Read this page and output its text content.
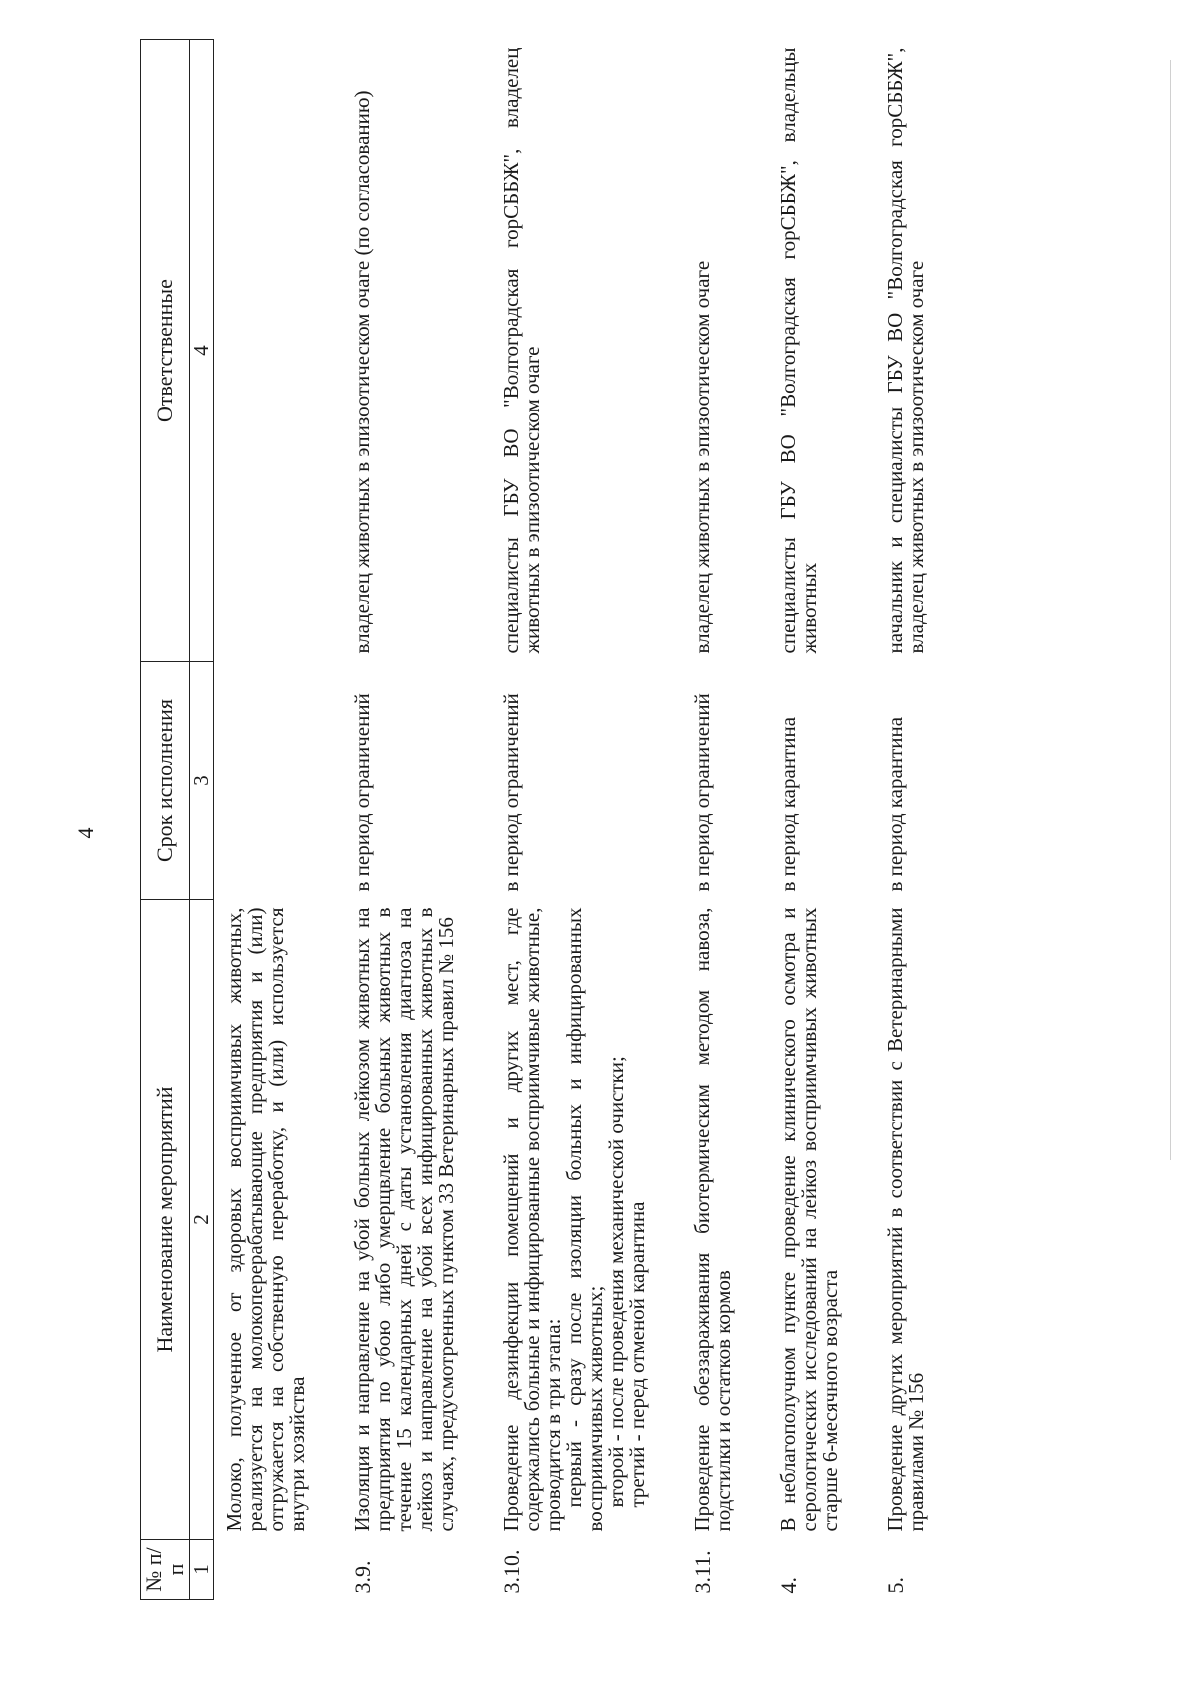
4
№ п/п	Наименование мероприятий	Срок исполнения	Ответственные
1	2	3	4
	Молоко, полученное от здоровых восприимчивых животных, реализуется на молокоперерабатывающие предприятия и (или) отгружается на собственную переработку, и (или) используется внутри хозяйства		
3.9.	Изоляция и направление на убой больных лейкозом животных на предприятия по убою либо умерщвление больных животных в течение 15 календарных дней с даты установления диагноза на лейкоз и направление на убой всех инфицированных животных в случаях, предусмотренных пунктом 33 Ветеринарных правил № 156	в период ограничений	владелец животных в эпизоотическом очаге (по согласованию)
3.10.	Проведение дезинфекции помещений и других мест, где содержались больные и инфицированные восприимчивые животные, проводится в три этапа:
первый - сразу после изоляции больных и инфицированных восприимчивых животных;
второй - после проведения механической очистки;
третий - перед отменой карантина	в период ограничений	специалисты ГБУ ВО "Волгоградская горСББЖ", владелец животных в эпизоотическом очаге
3.11.	Проведение обеззараживания биотермическим методом навоза, подстилки и остатков кормов	в период ограничений	владелец животных в эпизоотическом очаге
4.	В неблагополучном пункте проведение клинического осмотра и серологических исследований на лейкоз восприимчивых животных старше 6-месячного возраста	в период карантина	специалисты ГБУ ВО "Волгоградская горСББЖ", владельцы животных
5.	Проведение других мероприятий в соответствии с Ветеринарными правилами № 156	в период карантина	начальник и специалисты ГБУ ВО "Волгоградская горСББЖ", владелец животных в эпизоотическом очаге
